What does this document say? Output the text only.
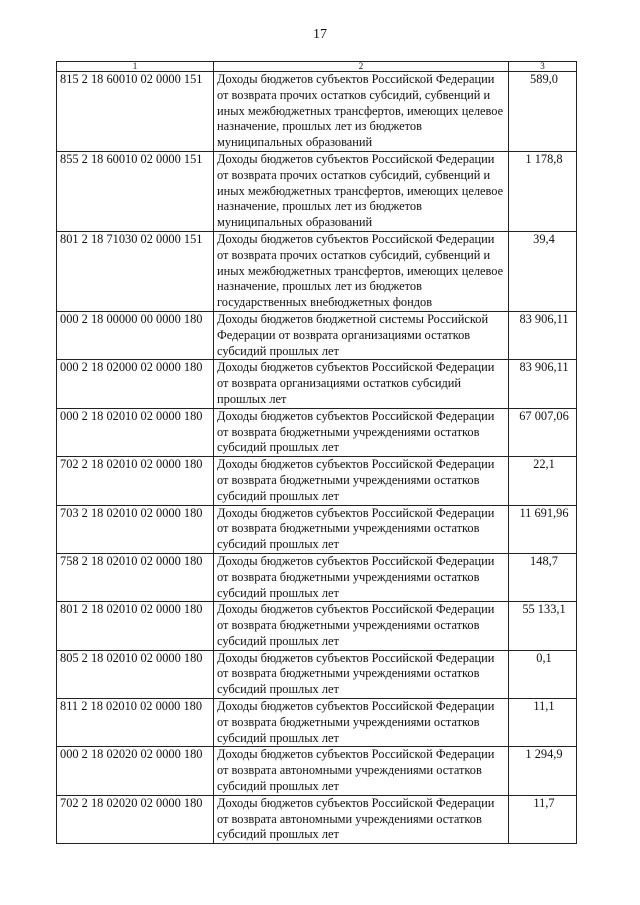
17
1	2	3
815 2 18 60010 02 0000 151	Доходы бюджетов субъектов Российской Федерации от возврата прочих остатков субсидий, субвенций и иных межбюджетных трансфертов, имеющих целевое назначение, прошлых лет из бюджетов муниципальных образований	589,0
855 2 18 60010 02 0000 151	Доходы бюджетов субъектов Российской Федерации от возврата прочих остатков субсидий, субвенций и иных межбюджетных трансфертов, имеющих целевое назначение, прошлых лет из бюджетов муниципальных образований	1 178,8
801 2 18 71030 02 0000 151	Доходы бюджетов субъектов Российской Федерации от возврата прочих остатков субсидий, субвенций и иных межбюджетных трансфертов, имеющих целевое назначение, прошлых лет из бюджетов государственных внебюджетных фондов	39,4
000 2 18 00000 00 0000 180	Доходы бюджетов бюджетной системы Российской Федерации от возврата организациями остатков субсидий прошлых лет	83 906,11
000 2 18 02000 02 0000 180	Доходы бюджетов субъектов Российской Федерации от возврата организациями остатков субсидий прошлых лет	83 906,11
000 2 18 02010 02 0000 180	Доходы бюджетов субъектов Российской Федерации от возврата бюджетными учреждениями остатков субсидий прошлых лет	67 007,06
702 2 18 02010 02 0000 180	Доходы бюджетов субъектов Российской Федерации от возврата бюджетными учреждениями остатков субсидий прошлых лет	22,1
703 2 18 02010 02 0000 180	Доходы бюджетов субъектов Российской Федерации от возврата бюджетными учреждениями остатков субсидий прошлых лет	11 691,96
758 2 18 02010 02 0000 180	Доходы бюджетов субъектов Российской Федерации от возврата бюджетными учреждениями остатков субсидий прошлых лет	148,7
801 2 18 02010 02 0000 180	Доходы бюджетов субъектов Российской Федерации от возврата бюджетными учреждениями остатков субсидий прошлых лет	55 133,1
805 2 18 02010 02 0000 180	Доходы бюджетов субъектов Российской Федерации от возврата бюджетными учреждениями остатков субсидий прошлых лет	0,1
811 2 18 02010 02 0000 180	Доходы бюджетов субъектов Российской Федерации от возврата бюджетными учреждениями остатков субсидий прошлых лет	11,1
000 2 18 02020 02 0000 180	Доходы бюджетов субъектов Российской Федерации от возврата автономными учреждениями остатков субсидий прошлых лет	1 294,9
702 2 18 02020 02 0000 180	Доходы бюджетов субъектов Российской Федерации от возврата автономными учреждениями остатков субсидий прошлых лет	11,7
